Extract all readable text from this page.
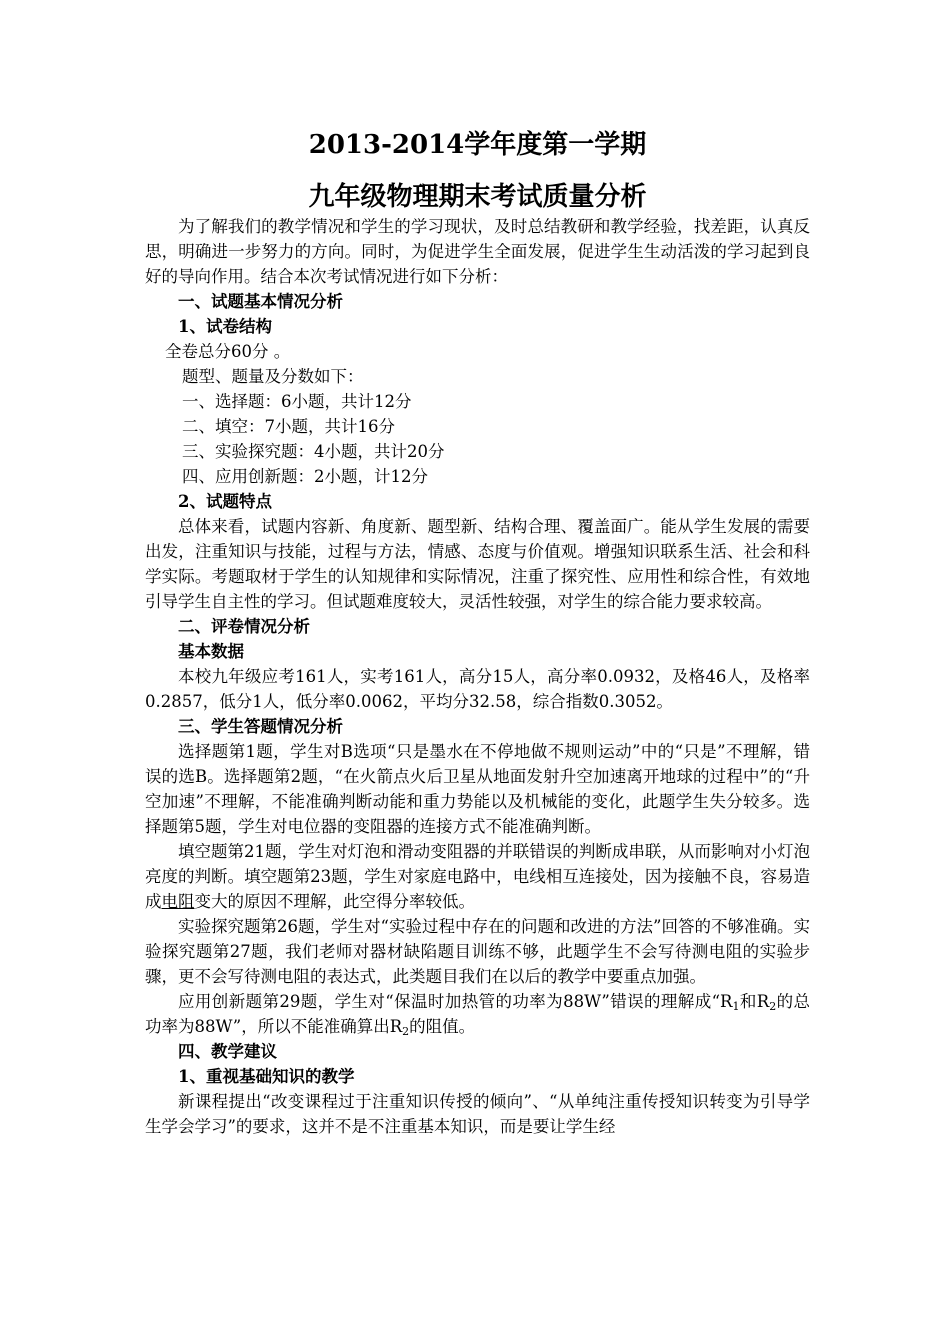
2013-2014学年度第一学期
九年级物理期末考试质量分析

为了解我们的教学情况和学生的学习现状，及时总结教研和教学经验，找差距，认真反思，明确进一步努力的方向。同时，为促进学生全面发展，促进学生生动活泼的学习起到良好的导向作用。结合本次考试情况进行如下分析：

一、试题基本情况分析

1、试卷结构

全卷总分60分 。

题型、题量及分数如下：

一、选择题：6小题，共计12分

二、填空：7小题，共计16分

三、实验探究题：4小题，共计20分

四、应用创新题：2小题，计12分

2、试题特点

总体来看，试题内容新、角度新、题型新、结构合理、覆盖面广。能从学生发展的需要出发，注重知识与技能，过程与方法，情感、态度与价值观。增强知识联系生活、社会和科学实际。考题取材于学生的认知规律和实际情况，注重了探究性、应用性和综合性，有效地引导学生自主性的学习。但试题难度较大，灵活性较强，对学生的综合能力要求较高。

二、评卷情况分析

基本数据

本校九年级应考161人，实考161人，高分15人，高分率0.0932，及格46人，及格率0.2857，低分1人，低分率0.0062，平均分32.58，综合指数0.3052。

三、学生答题情况分析

选择题第1题，学生对B选项“只是墨水在不停地做不规则运动”中的“只是”不理解，错误的选B。选择题第2题，“在火箭点火后卫星从地面发射升空加速离开地球的过程中”的“升空加速”不理解，不能准确判断动能和重力势能以及机械能的变化，此题学生失分较多。选择题第5题，学生对电位器的变阻器的连接方式不能准确判断。

填空题第21题，学生对灯泡和滑动变阻器的并联错误的判断成串联，从而影响对小灯泡亮度的判断。填空题第23题，学生对家庭电路中，电线相互连接处，因为接触不良，容易造成电阻变大的原因不理解，此空得分率较低。

实验探究题第26题，学生对“实验过程中存在的问题和改进的方法”回答的不够准确。实验探究题第27题，我们老师对器材缺陷题目训练不够，此题学生不会写待测电阻的实验步骤，更不会写待测电阻的表达式，此类题目我们在以后的教学中要重点加强。

应用创新题第29题，学生对“保温时加热管的功率为88W”错误的理解成“$R_1$和$R_2$的总功率为88W”，所以不能准确算出$R_2$的阻值。

四、教学建议

1、重视基础知识的教学

新课程提出“改变课程过于注重知识传授的倾向”、“从单纯注重传授知识转变为引导学生学会学习”的要求，这并不是不注重基本知识，而是要让学生经
